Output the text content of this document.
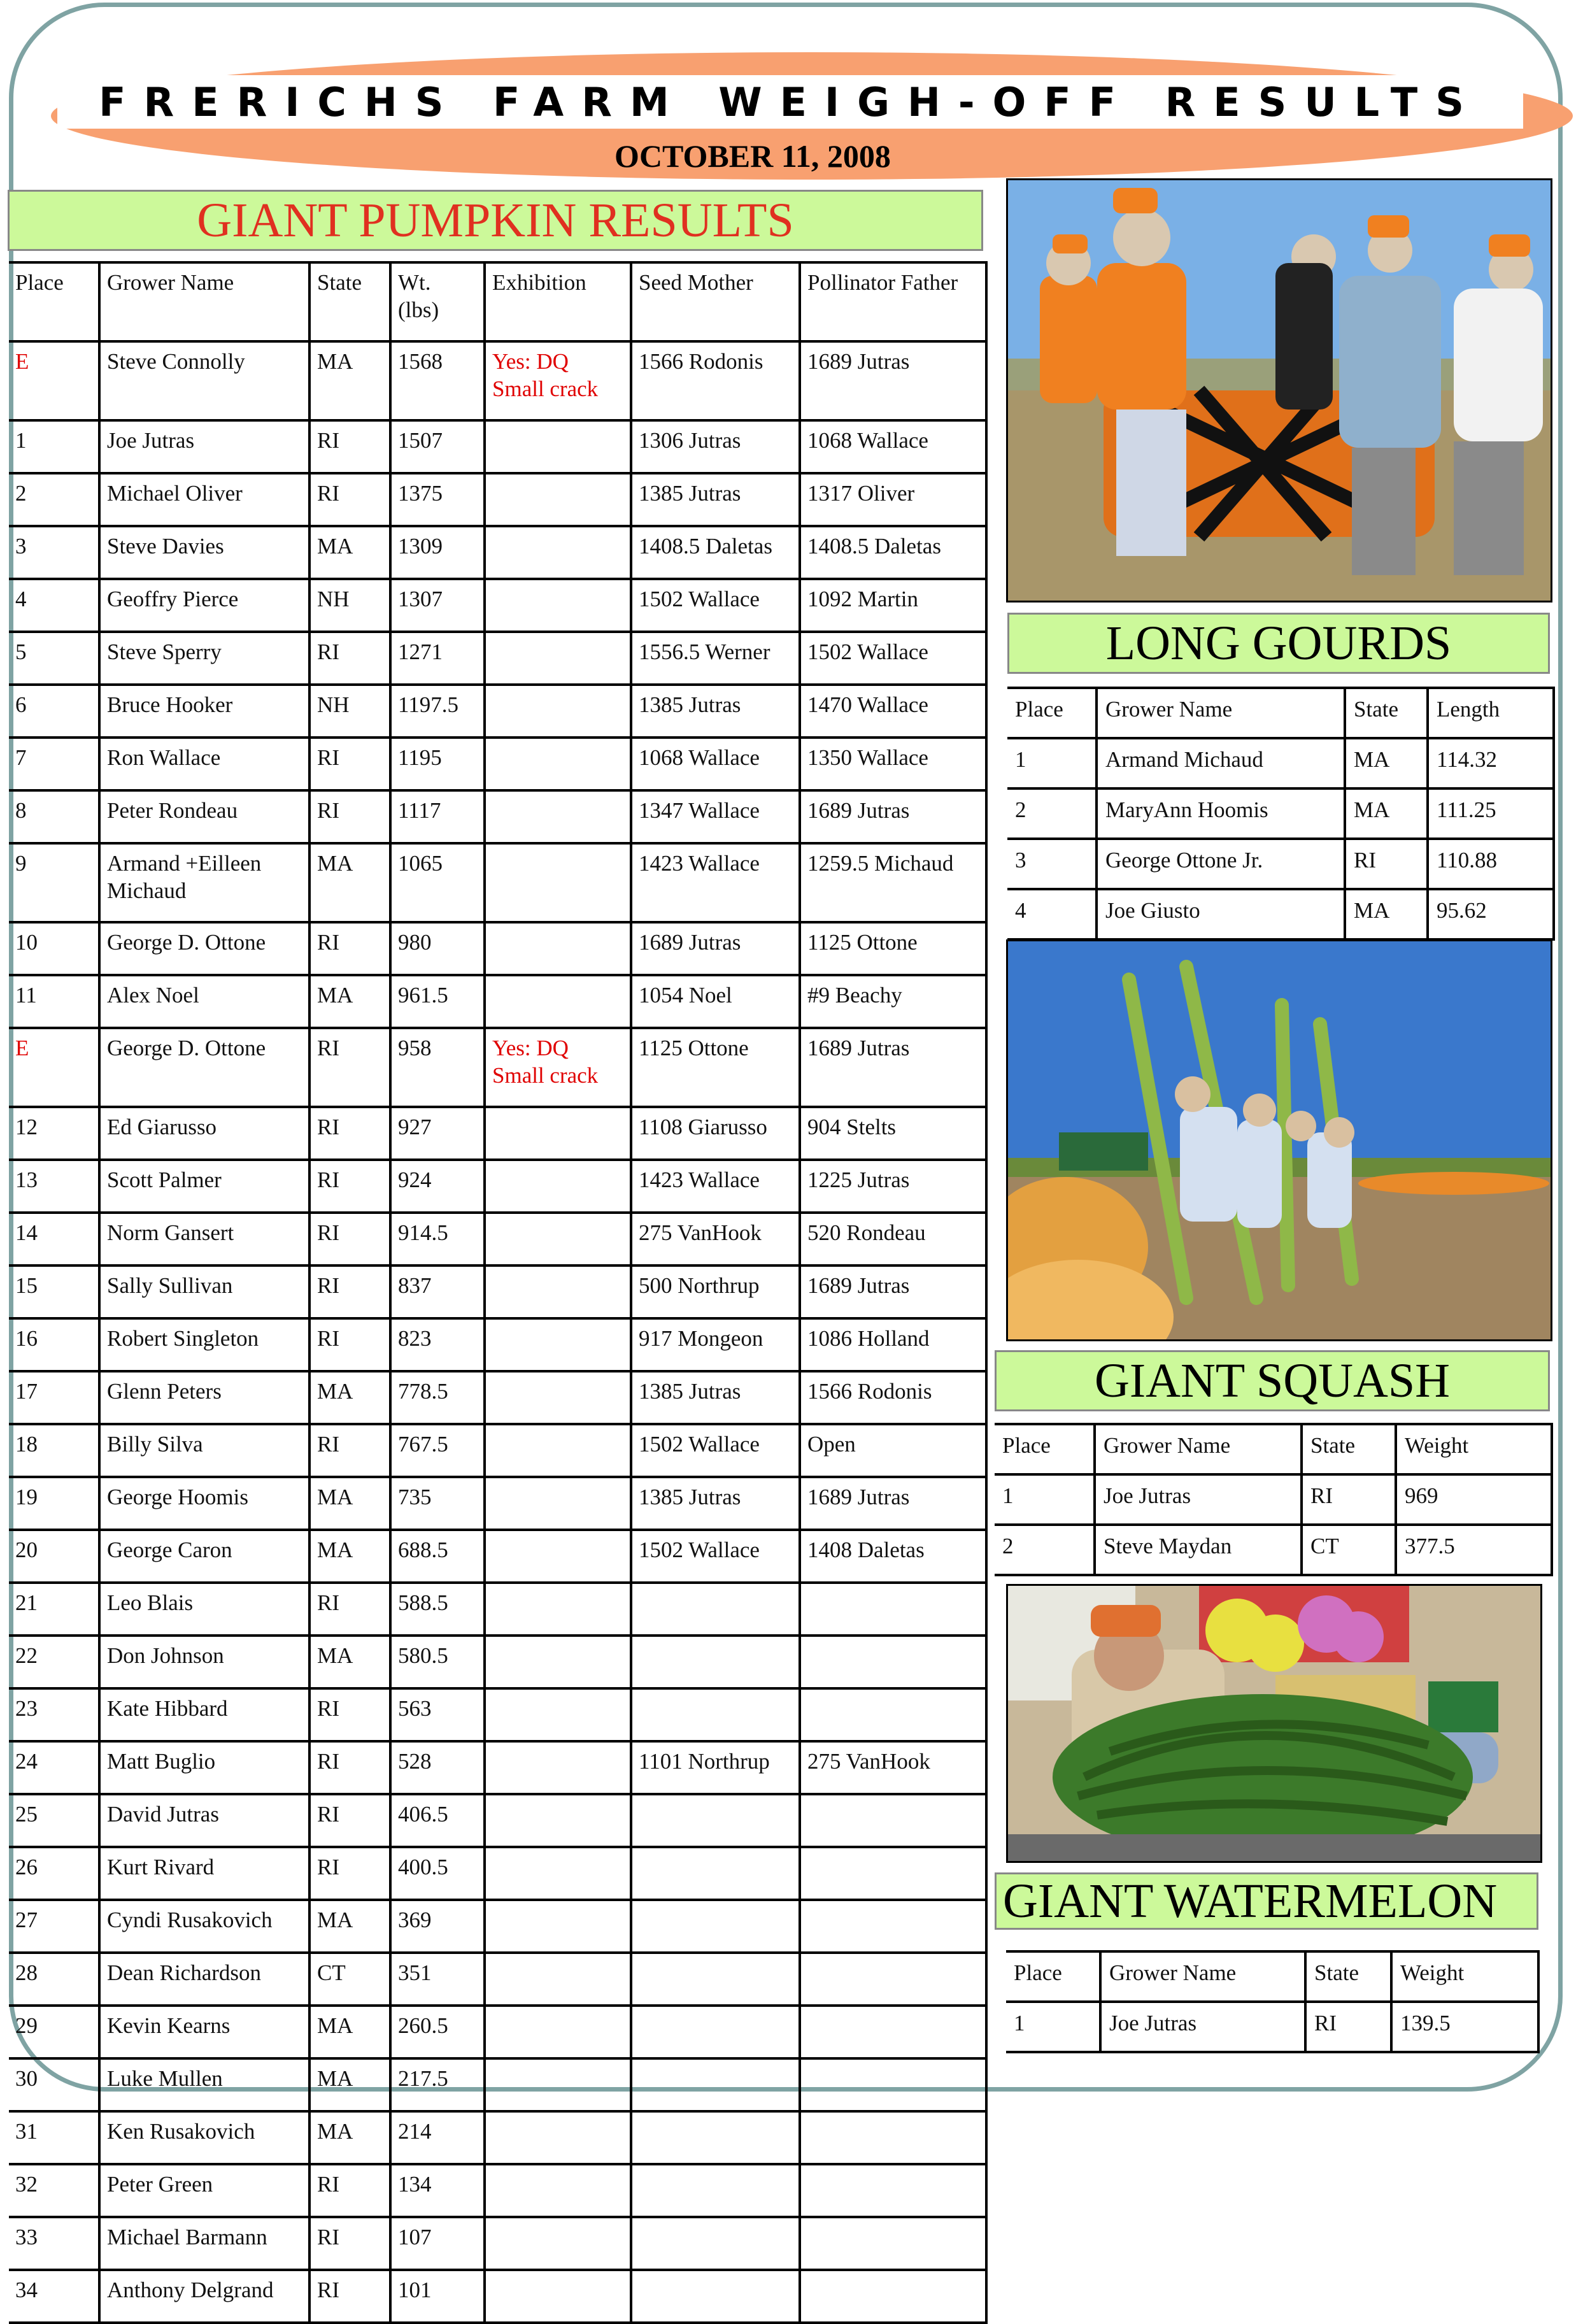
FRERICHS FARM WEIGH-OFF RESULTS
OCTOBER 11, 2008
GIANT PUMPKIN RESULTS
Place	Grower Name	State	Wt. (lbs)	Exhibition	Seed Mother	Pollinator Father
E	Steve Connolly	MA	1568	Yes: DQ Small crack	1566 Rodonis	1689 Jutras
1	Joe Jutras	RI	1507		1306 Jutras	1068 Wallace
2	Michael Oliver	RI	1375		1385 Jutras	1317 Oliver
3	Steve Davies	MA	1309		1408.5 Daletas	1408.5 Daletas
4	Geoffry Pierce	NH	1307		1502 Wallace	1092 Martin
5	Steve Sperry	RI	1271		1556.5 Werner	1502 Wallace
6	Bruce Hooker	NH	1197.5		1385 Jutras	1470 Wallace
7	Ron Wallace	RI	1195		1068 Wallace	1350 Wallace
8	Peter Rondeau	RI	1117		1347 Wallace	1689 Jutras
9	Armand +Eilleen Michaud	MA	1065		1423 Wallace	1259.5 Michaud
10	George D. Ottone	RI	980		1689 Jutras	1125 Ottone
11	Alex Noel	MA	961.5		1054 Noel	#9 Beachy
E	George D. Ottone	RI	958	Yes: DQ Small crack	1125 Ottone	1689 Jutras
12	Ed Giarusso	RI	927		1108 Giarusso	904 Stelts
13	Scott Palmer	RI	924		1423 Wallace	1225 Jutras
14	Norm Gansert	RI	914.5		275 VanHook	520 Rondeau
15	Sally Sullivan	RI	837		500 Northrup	1689 Jutras
16	Robert Singleton	RI	823		917 Mongeon	1086 Holland
17	Glenn Peters	MA	778.5		1385 Jutras	1566 Rodonis
18	Billy Silva	RI	767.5		1502 Wallace	Open
19	George Hoomis	MA	735		1385 Jutras	1689 Jutras
20	George Caron	MA	688.5		1502 Wallace	1408 Daletas
21	Leo Blais	RI	588.5			
22	Don Johnson	MA	580.5			
23	Kate Hibbard	RI	563			
24	Matt Buglio	RI	528		1101 Northrup	275 VanHook
25	David Jutras	RI	406.5			
26	Kurt Rivard	RI	400.5			
27	Cyndi Rusakovich	MA	369			
28	Dean Richardson	CT	351			
29	Kevin Kearns	MA	260.5			
30	Luke Mullen	MA	217.5			
31	Ken Rusakovich	MA	214			
32	Peter Green	RI	134			
33	Michael Barmann	RI	107			
34	Anthony Delgrand	RI	101			
LONG GOURDS
Place	Grower Name	State	Length
1	Armand Michaud	MA	114.32
2	MaryAnn Hoomis	MA	111.25
3	George Ottone Jr.	RI	110.88
4	Joe Giusto	MA	95.62
GIANT SQUASH
Place	Grower Name	State	Weight
1	Joe Jutras	RI	969
2	Steve Maydan	CT	377.5
GIANT WATERMELON
Place	Grower Name	State	Weight
1	Joe Jutras	RI	139.5
